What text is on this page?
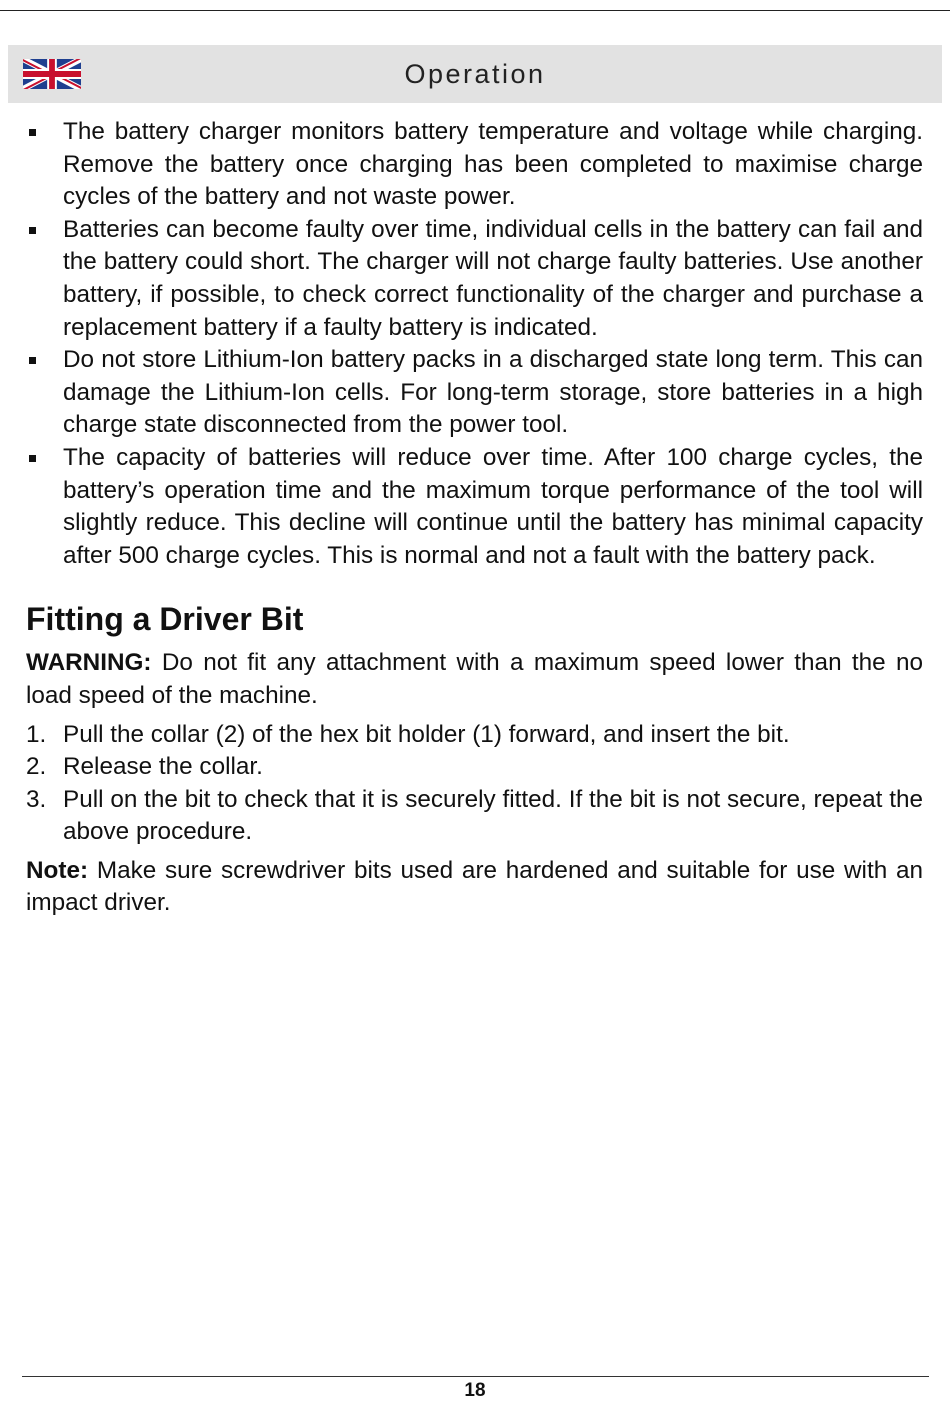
Operation
The battery charger monitors battery temperature and voltage while charging. Remove the battery once charging has been completed to maximise charge cycles of the battery and not waste power.
Batteries can become faulty over time, individual cells in the battery can fail and the battery could short. The charger will not charge faulty batteries. Use another battery, if possible, to check correct functionality of the charger and purchase a replacement battery if a faulty battery is indicated.
Do not store Lithium-Ion battery packs in a discharged state long term. This can damage the Lithium-Ion cells. For long-term storage, store batteries in a high charge state disconnected from the power tool.
The capacity of batteries will reduce over time. After 100 charge cycles, the battery’s operation time and the maximum torque performance of the tool will slightly reduce. This decline will continue until the battery has minimal capacity after 500 charge cycles. This is normal and not a fault with the battery pack.
Fitting a Driver Bit

WARNING: Do not fit any attachment with a maximum speed lower than the no load speed of the machine.

1. Pull the collar (2) of the hex bit holder (1) forward, and insert the bit.
2. Release the collar.
3. Pull on the bit to check that it is securely fitted. If the bit is not secure, repeat the above procedure.

Note: Make sure screwdriver bits used are hardened and suitable for use with an impact driver.

18
